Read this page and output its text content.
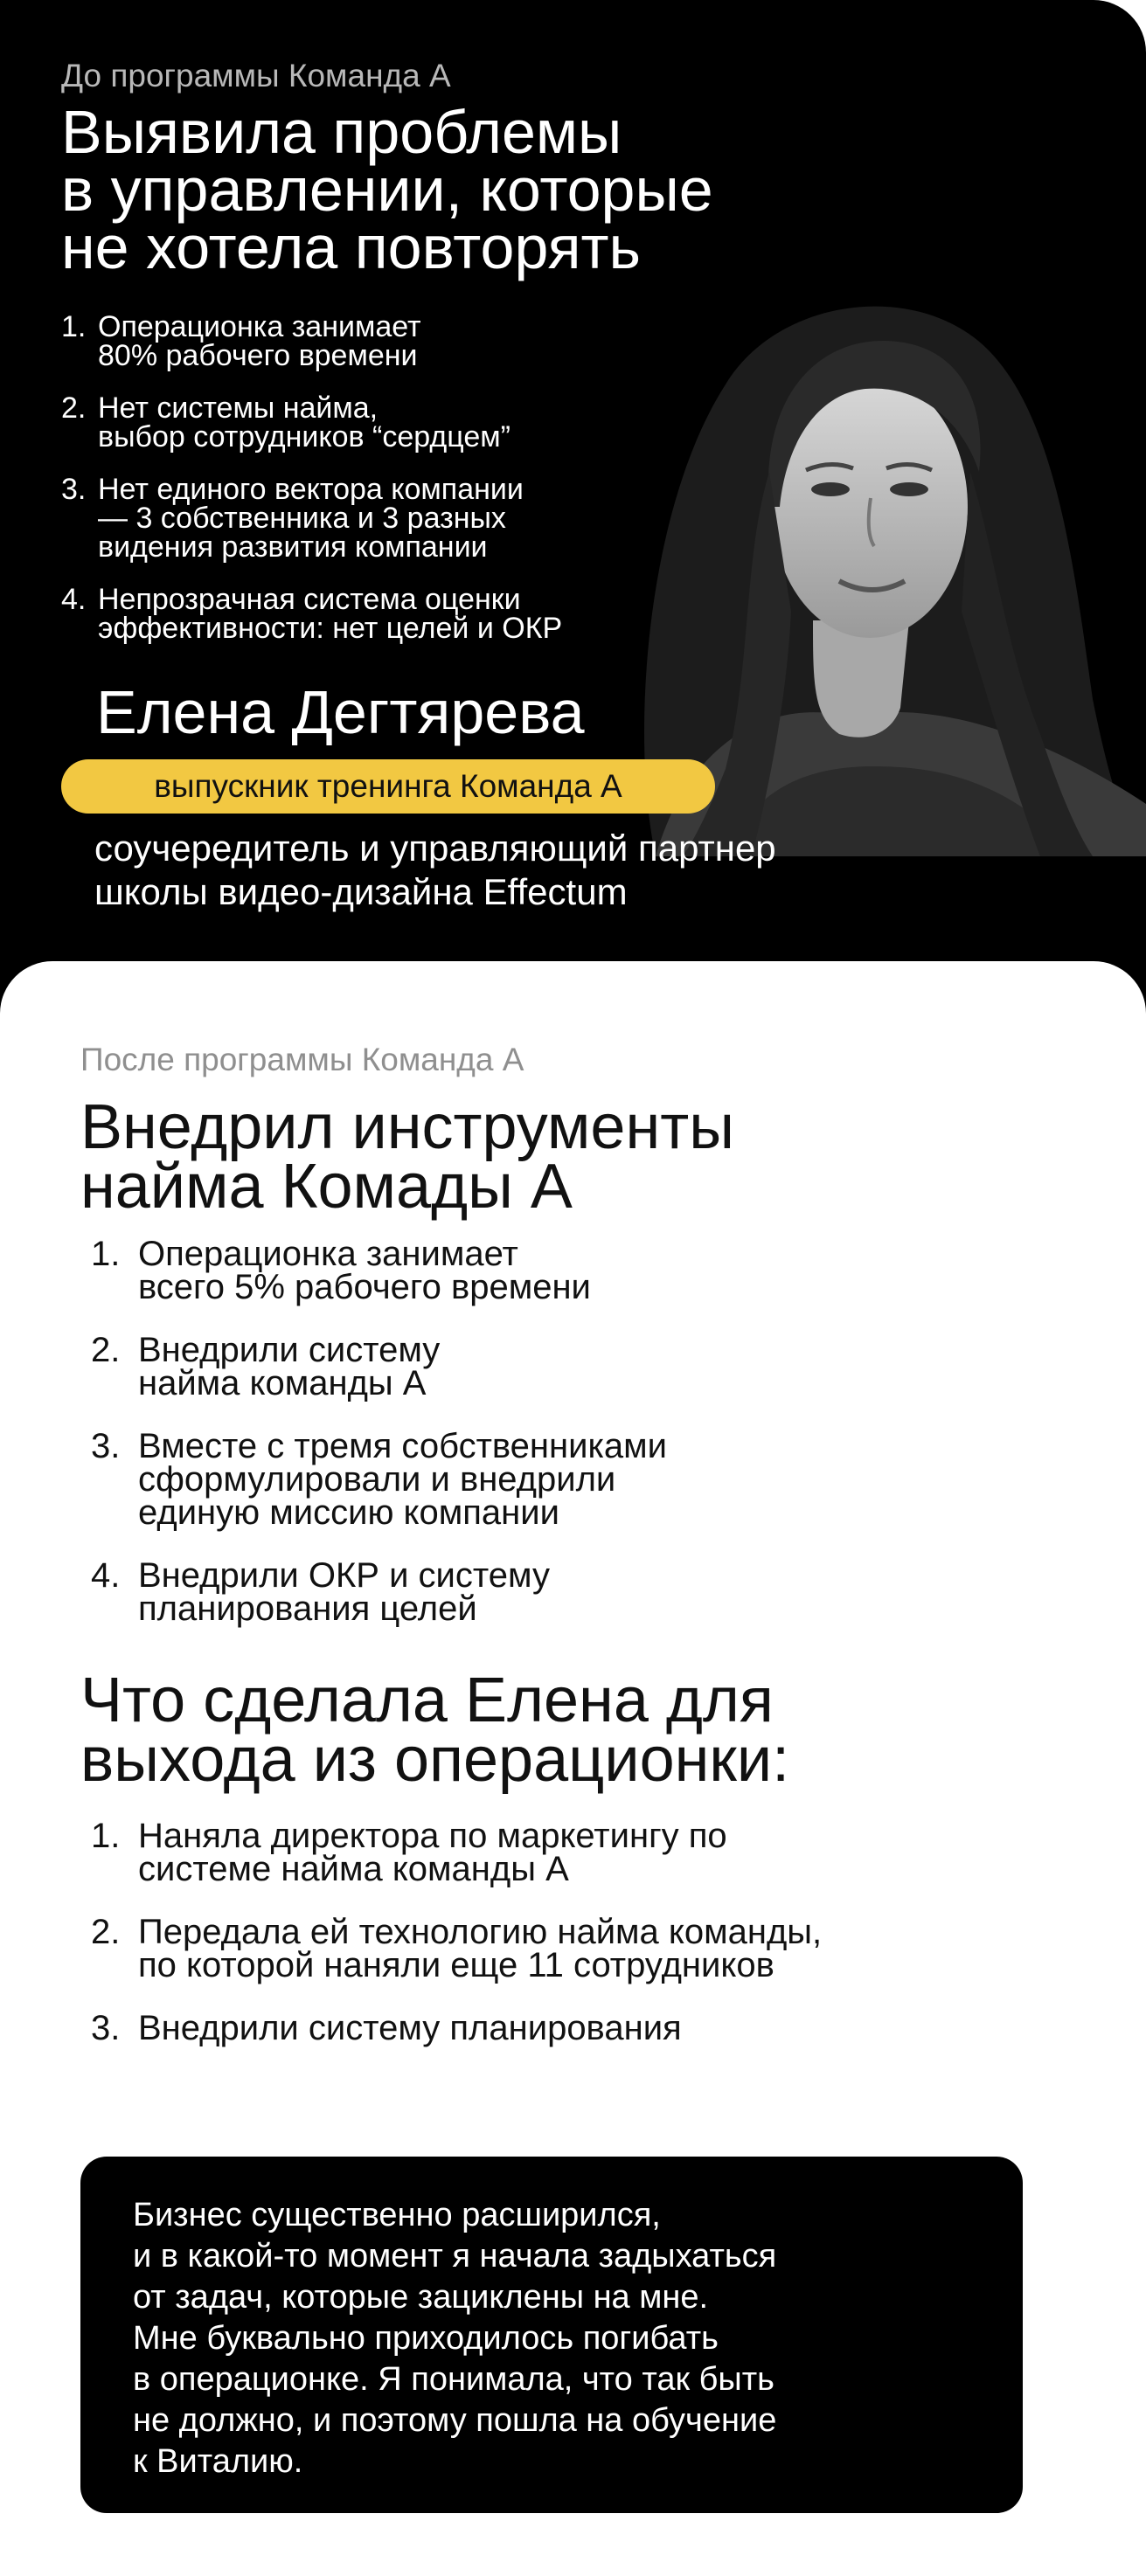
До программы Команда А
Выявила проблемы
в управлении, которые
не хотела повторять
1. Операционка занимает
80% рабочего времени
2. Нет системы найма,
выбор сотрудников “сердцем”
3. Нет единого вектора компании
— 3 собственника и 3 разных
видения развития компании
4. Непрозрачная система оценки
эффективности: нет целей и ОКР
Елена Дегтярева
выпускник тренинга Команда А
соучередитель и управляющий партнер
школы видео-дизайна Effectum
После программы Команда А
Внедрил инструменты
найма Комады А
1. Операционка занимает
всего 5% рабочего времени
2. Внедрили систему
найма команды А
3. Вместе с тремя собственниками
сформулировали и внедрили
единую миссию компании
4. Внедрили ОКР и систему
планирования целей
Что сделала Елена для
выхода из операционки:
1. Наняла директора по маркетингу по
системе найма команды А
2. Передала ей технологию найма команды,
по которой наняли еще 11 сотрудников
3. Внедрили систему планирования
Бизнес существенно расширился,
и в какой-то момент я начала задыхаться
от задач, которые зациклены на мне.
Мне буквально приходилось погибать
в операционке. Я понимала, что так быть
не должно, и поэтому пошла на обучение
к Виталию.
